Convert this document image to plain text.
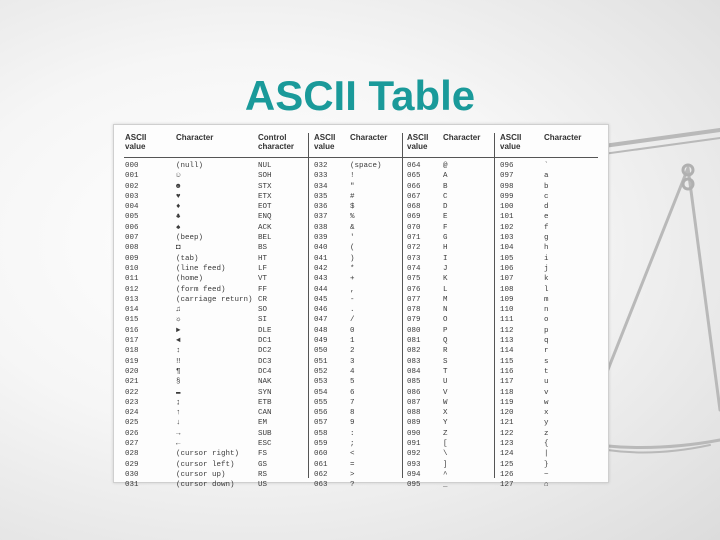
ASCII Table
ASCII
value
Character	Control
character
ASCII
value
Character ASCII
value
Character ASCII
value
Character
000
001
002
003
004
005
006
007
008
009
010
011
012
013
014
015
016
017
018
019
020
021
022
023
024
025
026
027
028
029
030
031
(null)
☺
☻
♥
♦
♣
♠
(beep)
◘
(tab)
(line feed)
(home)
(form feed)
(carriage return)
♫
☼
►
◄
↕
‼
¶
§
▬
↨
↑
↓
→
←
(cursor right)
(cursor left)
(cursor up)
(cursor down)
NUL
SOH
STX
ETX
EOT
ENQ
ACK
BEL
BS
HT
LF
VT
FF
CR
SO
SI
DLE
DC1
DC2
DC3
DC4
NAK
SYN
ETB
CAN
EM
SUB
ESC
FS
GS
RS
US
032
033
034
035
036
037
038
039
040
041
042
043
044
045
046
047
048
049
050
051
052
053
054
055
056
057
058
059
060
061
062
063
(space)
!
"
#
$
%
&
'
(
)
*
+
,
-
.
/
0
1
2
3
4
5
6
7
8
9
:
;
<
=
>
?
064
065
066
067
068
069
070
071
072
073
074
075
076
077
078
079
080
081
082
083
084
085
086
087
088
089
090
091
092
093
094
095
@
A
B
C
D
E
F
G
H
I
J
K
L
M
N
O
P
Q
R
S
T
U
V
W
X
Y
Z
[
\
]
^
_
096
097
098
099
100
101
102
103
104
105
106
107
108
109
110
111
112
113
114
115
116
117
118
119
120
121
122
123
124
125
126
127
`
a
b
c
d
e
f
g
h
i
j
k
l
m
n
o
p
q
r
s
t
u
v
w
x
y
z
{
|
}
~
⌂
